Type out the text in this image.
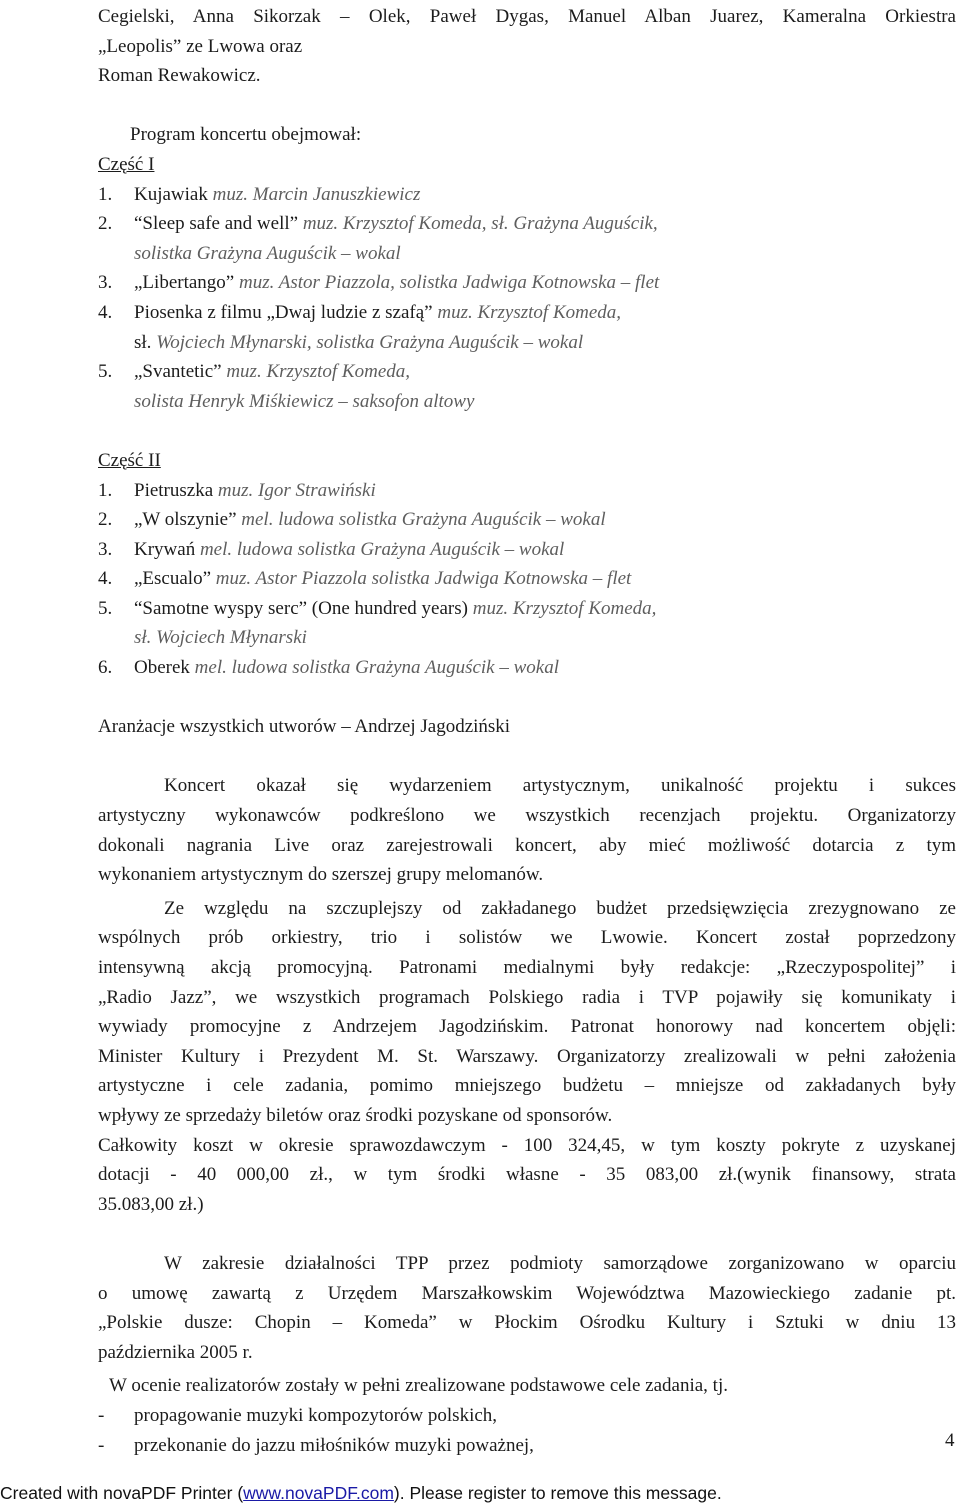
Cegielski, Anna Sikorzak – Olek, Paweł Dygas, Manuel Alban Juarez, Kameralna Orkiestra
„Leopolis” ze Lwowa oraz
Roman Rewakowicz.
Program koncertu obejmował:
Część I
1. Kujawiak muz. Marcin Januszkiewicz
2. “Sleep safe and well” muz. Krzysztof Komeda, sł. Grażyna Auguścik,
solistka Grażyna Auguścik – wokal
3. „Libertango” muz. Astor Piazzola, solistka Jadwiga Kotnowska – flet
4. Piosenka z filmu „Dwaj ludzie z szafą” muz. Krzysztof Komeda,
sł. Wojciech Młynarski, solistka Grażyna Auguścik – wokal
5. „Svantetic” muz. Krzysztof Komeda,
solista Henryk Miśkiewicz – saksofon altowy
Część II
1. Pietruszka muz. Igor Strawiński
2. „W olszynie” mel. ludowa solistka Grażyna Auguścik – wokal
3. Krywań mel. ludowa solistka Grażyna Auguścik – wokal
4. „Escualo” muz. Astor Piazzola solistka Jadwiga Kotnowska – flet
5. “Samotne wyspy serc” (One hundred years) muz. Krzysztof Komeda,
sł. Wojciech Młynarski
6. Oberek mel. ludowa solistka Grażyna Auguścik – wokal
Aranżacje wszystkich utworów – Andrzej Jagodziński
Koncert okazał się wydarzeniem artystycznym, unikalność projektu i sukces
artystyczny wykonawców podkreślono we wszystkich recenzjach projektu. Organizatorzy
dokonali nagrania Live oraz zarejestrowali koncert, aby mieć możliwość dotarcia z tym
wykonaniem artystycznym do szerszej grupy melomanów.
Ze względu na szczuplejszy od zakładanego budżet przedsięwzięcia zrezygnowano ze
wspólnych prób orkiestry, trio i solistów we Lwowie. Koncert został poprzedzony
intensywną akcją promocyjną. Patronami medialnymi były redakcje: „Rzeczypospolitej” i
„Radio Jazz”, we wszystkich programach Polskiego radia i TVP pojawiły się komunikaty i
wywiady promocyjne z Andrzejem Jagodzińskim. Patronat honorowy nad koncertem objęli:
Minister Kultury i Prezydent M. St. Warszawy. Organizatorzy zrealizowali w pełni założenia
artystyczne i cele zadania, pomimo mniejszego budżetu – mniejsze od zakładanych były
wpływy ze sprzedaży biletów oraz środki pozyskane od sponsorów.
Całkowity koszt w okresie sprawozdawczym - 100 324,45, w tym koszty pokryte z uzyskanej
dotacji - 40 000,00 zł., w tym środki własne - 35 083,00 zł.(wynik finansowy, strata
35.083,00 zł.)
W zakresie działalności TPP przez podmioty samorządowe zorganizowano w oparciu
o umowę zawartą z Urzędem Marszałkowskim Województwa Mazowieckiego zadanie pt.
„Polskie dusze: Chopin – Komeda” w Płockim Ośrodku Kultury i Sztuki w dniu 13
października 2005 r.
W ocenie realizatorów zostały w pełni zrealizowane podstawowe cele zadania, tj.
- propagowanie muzyki kompozytorów polskich,
- przekonanie do jazzu miłośników muzyki poważnej,	4
Created with novaPDF Printer (www.novaPDF.com). Please register to remove this message.
